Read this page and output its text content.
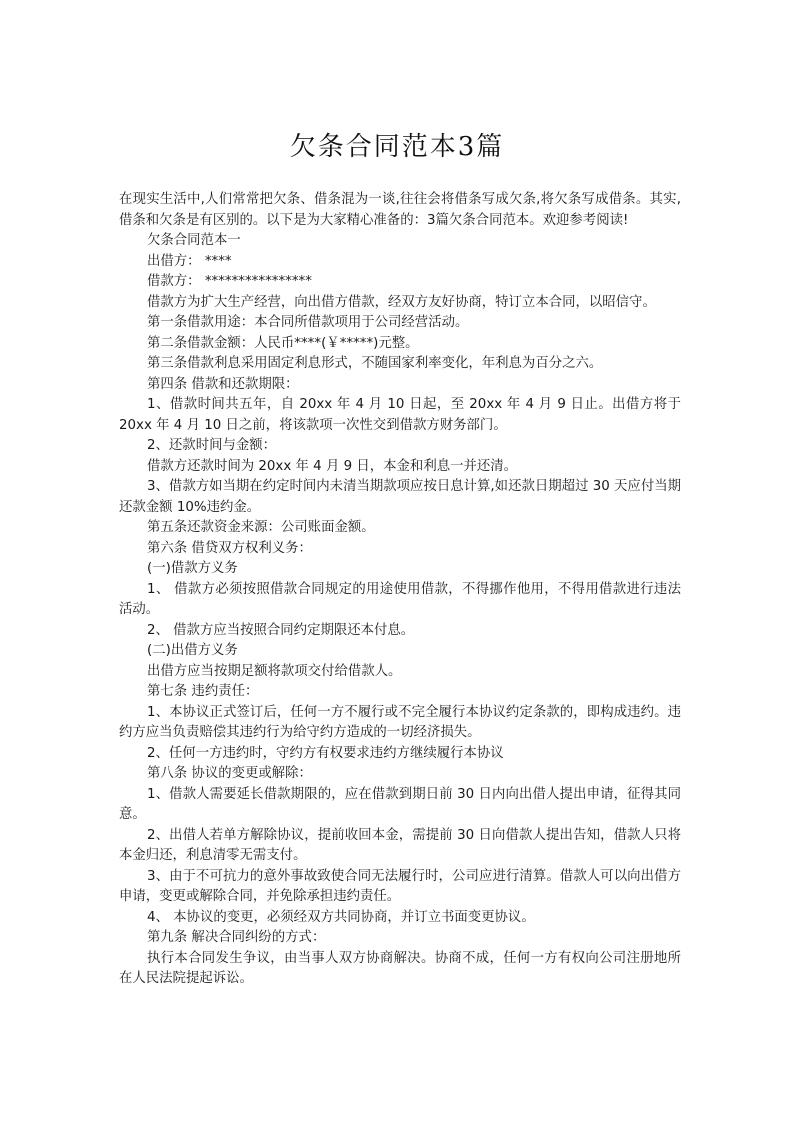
欠条合同范本3篇

在现实生活中,人们常常把欠条、借条混为一谈,往往会将借条写成欠条,将欠条写成借条。其实,借条和欠条是有区别的。以下是为大家精心准备的：3篇欠条合同范本。欢迎参考阅读!

欠条合同范本一

出借方： ****

借款方： ****************

借款方为扩大生产经营，向出借方借款，经双方友好协商，特订立本合同，以昭信守。

第一条借款用途：本合同所借款项用于公司经营活动。

第二条借款金额：人民币****(￥*****)元整。

第三条借款利息采用固定利息形式，不随国家利率变化，年利息为百分之六。

第四条 借款和还款期限：

1、借款时间共五年，自 20xx 年 4 月 10 日起，至 20xx 年 4 月 9 日止。出借方将于 20xx 年 4 月 10 日之前，将该款项一次性交到借款方财务部门。

2、还款时间与金额：

借款方还款时间为 20xx 年 4 月 9 日，本金和利息一并还清。

3、借款方如当期在约定时间内未清当期款项应按日息计算,如还款日期超过 30 天应付当期还款金额 10%违约金。

第五条还款资金来源：公司账面金额。

第六条 借贷双方权利义务：

(一)借款方义务

1、 借款方必须按照借款合同规定的用途使用借款，不得挪作他用，不得用借款进行违法活动。

2、 借款方应当按照合同约定期限还本付息。

(二)出借方义务

出借方应当按期足额将款项交付给借款人。

第七条 违约责任：

1、本协议正式签订后，任何一方不履行或不完全履行本协议约定条款的，即构成违约。违约方应当负责赔偿其违约行为给守约方造成的一切经济损失。

2、任何一方违约时，守约方有权要求违约方继续履行本协议

第八条 协议的变更或解除：

1、借款人需要延长借款期限的，应在借款到期日前 30 日内向出借人提出申请，征得其同意。

2、出借人若单方解除协议，提前收回本金，需提前 30 日向借款人提出告知，借款人只将本金归还，利息清零无需支付。

3、由于不可抗力的意外事故致使合同无法履行时，公司应进行清算。借款人可以向出借方申请，变更或解除合同，并免除承担违约责任。

4、 本协议的变更，必须经双方共同协商，并订立书面变更协议。

第九条 解决合同纠纷的方式：

执行本合同发生争议，由当事人双方协商解决。协商不成，任何一方有权向公司注册地所在人民法院提起诉讼。
